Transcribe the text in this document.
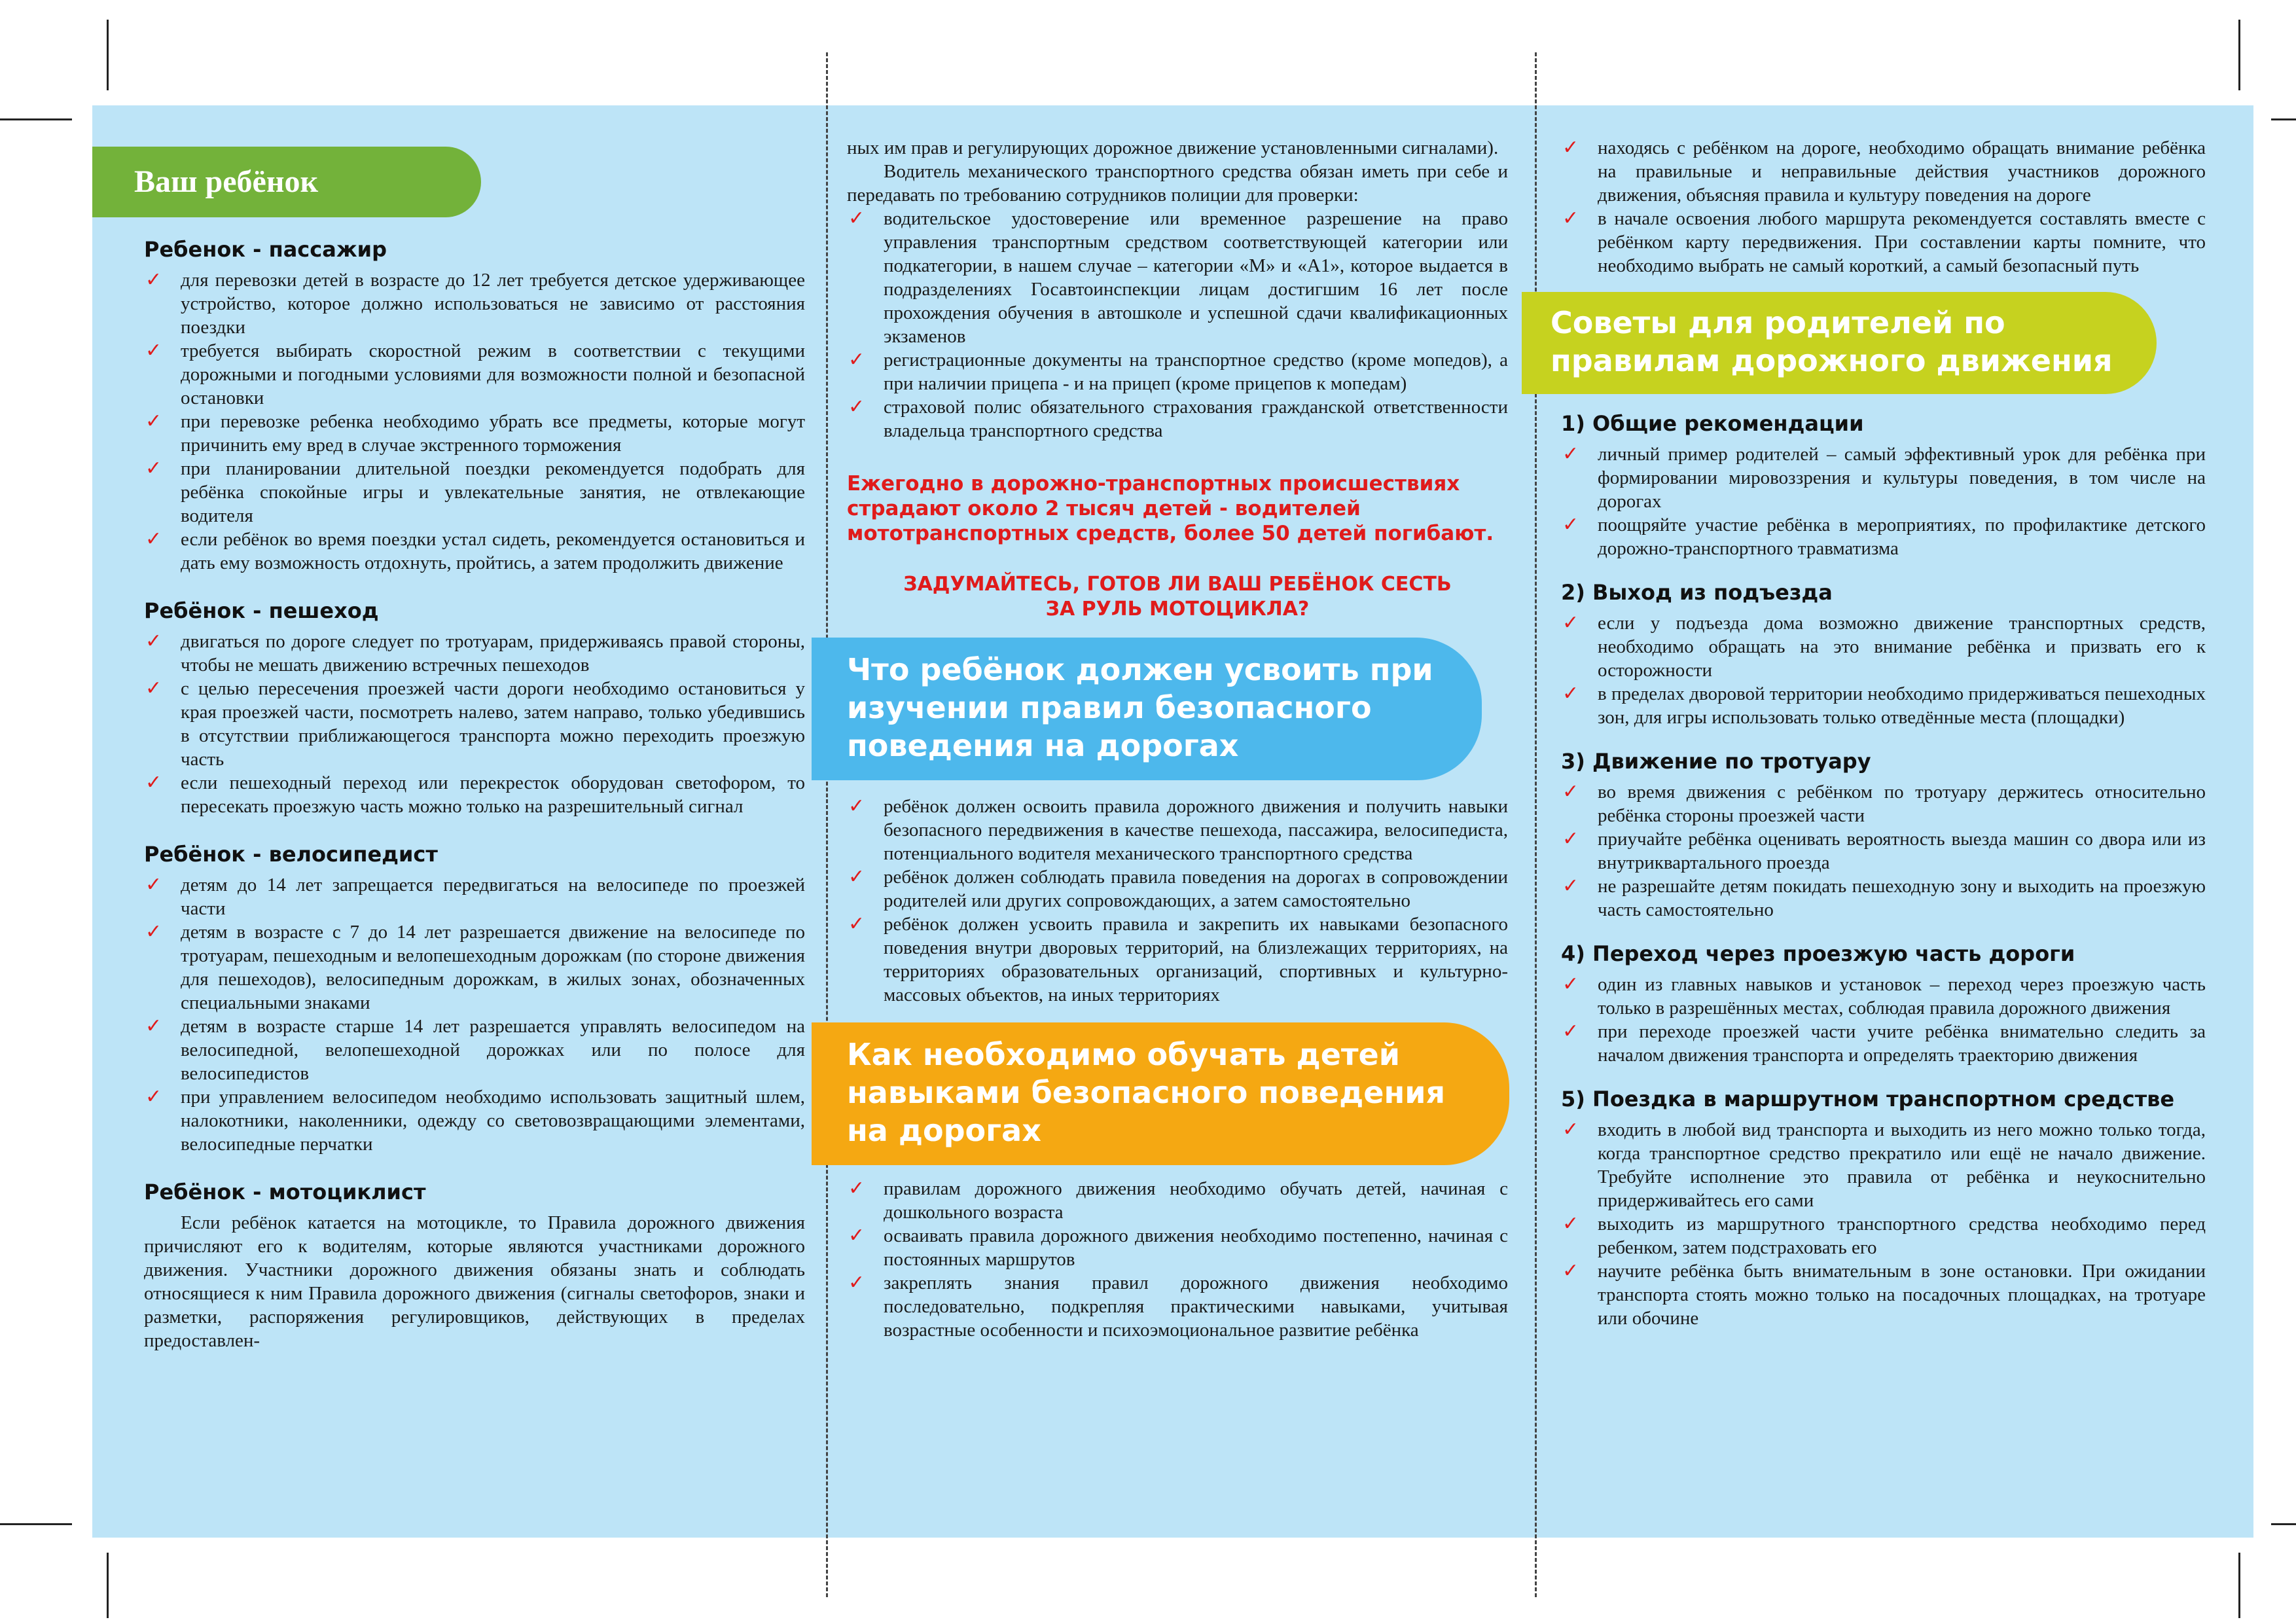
Ваш ребёнок
Ребенок - пассажир
✓ для перевозки детей в возрасте до 12 лет требуется детское удерживающее устройство, которое должно использоваться не зависимо от расстояния поездки
✓ требуется выбирать скоростной режим в соответствии с текущими дорожными и погодными условиями для возможности полной и безопасной остановки
✓ при перевозке ребенка необходимо убрать все предметы, которые могут причинить ему вред в случае экстренного торможения
✓ при планировании длительной поездки рекомендуется подобрать для ребёнка спокойные игры и увлекательные занятия, не отвлекающие водителя
✓ если ребёнок во время поездки устал сидеть, рекомендуется остановиться и дать ему возможность отдохнуть, пройтись, а затем продолжить движение
Ребёнок - пешеход
✓ двигаться по дороге следует по тротуарам, придерживаясь правой стороны, чтобы не мешать движению встречных пешеходов
✓ с целью пересечения проезжей части дороги необходимо остановиться у края проезжей части, посмотреть налево, затем направо, только убедившись в отсутствии приближающегося транспорта можно переходить проезжую часть
✓ если пешеходный переход или перекресток оборудован светофором, то пересекать проезжую часть можно только на разрешительный сигнал
Ребёнок - велосипедист
✓ детям до 14 лет запрещается передвигаться на велосипеде по проезжей части
✓ детям в возрасте с 7 до 14 лет разрешается движение на велосипеде по тротуарам, пешеходным и велопешеходным дорожкам (по стороне движения для пешеходов), велосипедным дорожкам, в жилых зонах, обозначенных специальными знаками
✓ детям в возрасте старше 14 лет разрешается управлять велосипедом на велосипедной, велопешеходной дорожках или по полосе для велосипедистов
✓ при управлением велосипедом необходимо использовать защитный шлем, налокотники, наколенники, одежду со световозвращающими элементами, велосипедные перчатки
Ребёнок - мотоциклист

Если ребёнок катается на мотоцикле, то Правила дорожного движения причисляют его к водителям, которые являются участниками дорожного движения. Участники дорожного движения обязаны знать и соблюдать относящиеся к ним Правила дорожного движения (сигналы светофоров, знаки и разметки, распоряжения регулировщиков, действующих в пределах предоставлен-

ных им прав и регулирующих дорожное движение установленными сигналами).

Водитель механического транспортного средства обязан иметь при себе и передавать по требованию сотрудников полиции для проверки:

✓ водительское удостоверение или временное разрешение на право управления транспортным средством соответствующей категории или подкатегории, в нашем случае – категории «М» и «А1», которое выдается в подразделениях Госавтоинспекции лицам достигшим 16 лет после прохождения обучения в автошколе и успешной сдачи квалификационных экзаменов
✓ регистрационные документы на транспортное средство (кроме мопедов), а при наличии прицепа - и на прицеп (кроме прицепов к мопедам)
✓ страховой полис обязательного страхования гражданской ответственности владельца транспортного средства

Ежегодно в дорожно-транспортных происшествиях страдают около 2 тысяч детей - водителей мототранспортных средств, более 50 детей погибают.

ЗАДУМАЙТЕСЬ, ГОТОВ ЛИ ВАШ РЕБЁНОК СЕСТЬ ЗА РУЛЬ МОТОЦИКЛА?

Что ребёнок должен усвоить при изучении правил безопасного поведения на дорогах
✓ ребёнок должен освоить правила дорожного движения и получить навыки безопасного передвижения в качестве пешехода, пассажира, велосипедиста, потенциального водителя механического транспортного средства
✓ ребёнок должен соблюдать правила поведения на дорогах в сопровождении родителей или других сопровождающих, а затем самостоятельно
✓ ребёнок должен усвоить правила и закрепить их навыками безопасного поведения внутри дворовых территорий, на близлежащих территориях, на территориях образовательных организаций, спортивных и культурно-массовых объектов, на иных территориях
Как необходимо обучать детей навыками безопасного поведения на дорогах
✓ правилам дорожного движения необходимо обучать детей, начиная с дошкольного возраста
✓ осваивать правила дорожного движения необходимо постепенно, начиная с постоянных маршрутов
✓ закреплять знания правил дорожного движения необходимо последовательно, подкрепляя практическими навыками, учитывая возрастные особенности и психоэмоциональное развитие ребёнка
✓ находясь с ребёнком на дороге, необходимо обращать внимание ребёнка на правильные и неправильные действия участников дорожного движения, объясняя правила и культуру поведения на дороге
✓ в начале освоения любого маршрута рекомендуется составлять вместе с ребёнком карту передвижения. При составлении карты помните, что необходимо выбрать не самый короткий, а самый безопасный путь
Советы для родителей по правилам дорожного движения
1) Общие рекомендации
✓ личный пример родителей – самый эффективный урок для ребёнка при формировании мировоззрения и культуры поведения, в том числе на дорогах
✓ поощряйте участие ребёнка в мероприятиях, по профилактике детского дорожно-транспортного травматизма
2) Выход из подъезда
✓ если у подъезда дома возможно движение транспортных средств, необходимо обращать на это внимание ребёнка и призвать его к осторожности
✓ в пределах дворовой территории необходимо придерживаться пешеходных зон, для игры использовать только отведённые места (площадки)
3) Движение по тротуару
✓ во время движения с ребёнком по тротуару держитесь относительно ребёнка стороны проезжей части
✓ приучайте ребёнка оценивать вероятность выезда машин со двора или из внутриквартального проезда
✓ не разрешайте детям покидать пешеходную зону и выходить на проезжую часть самостоятельно
4) Переход через проезжую часть дороги
✓ один из главных навыков и установок – переход через проезжую часть только в разрешённых местах, соблюдая правила дорожного движения
✓ при переходе проезжей части учите ребёнка внимательно следить за началом движения транспорта и определять траекторию движения
5) Поездка в маршрутном транспортном средстве
✓ входить в любой вид транспорта и выходить из него можно только тогда, когда транспортное средство прекратило или ещё не начало движение. Требуйте исполнение это правила от ребёнка и неукоснительно придерживайтесь его сами
✓ выходить из маршрутного транспортного средства необходимо перед ребенком, затем подстраховать его
✓ научите ребёнка быть внимательным в зоне остановки. При ожидании транспорта стоять можно только на посадочных площадках, на тротуаре или обочине
